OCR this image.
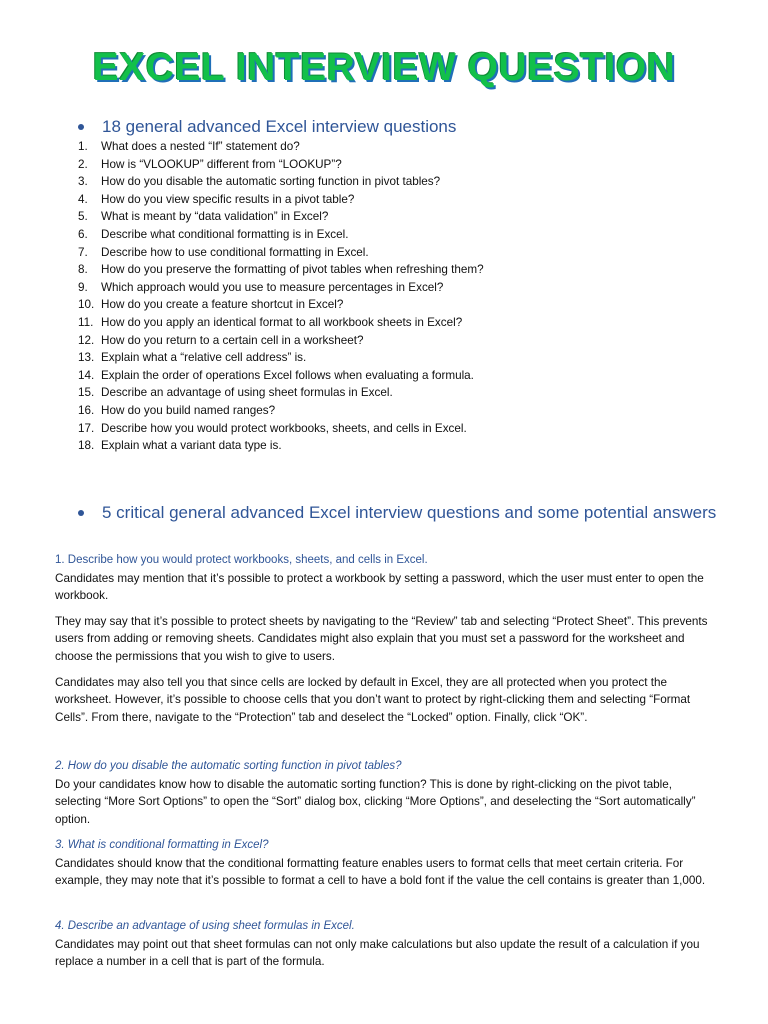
EXCEL INTERVIEW QUESTION
18 general advanced Excel interview questions
1.	What does a nested “If” statement do?
2.	How is “VLOOKUP” different from “LOOKUP”?
3.	How do you disable the automatic sorting function in pivot tables?
4.	How do you view specific results in a pivot table?
5.	What is meant by “data validation” in Excel?
6.	Describe what conditional formatting is in Excel.
7.	Describe how to use conditional formatting in Excel.
8.	How do you preserve the formatting of pivot tables when refreshing them?
9.	Which approach would you use to measure percentages in Excel?
10. How do you create a feature shortcut in Excel?
11. How do you apply an identical format to all workbook sheets in Excel?
12. How do you return to a certain cell in a worksheet?
13. Explain what a “relative cell address” is.
14. Explain the order of operations Excel follows when evaluating a formula.
15. Describe an advantage of using sheet formulas in Excel.
16. How do you build named ranges?
17. Describe how you would protect workbooks, sheets, and cells in Excel.
18. Explain what a variant data type is.
5 critical general advanced Excel interview questions and some potential answers
1. Describe how you would protect workbooks, sheets, and cells in Excel.

Candidates may mention that it’s possible to protect a workbook by setting a password, which the user must enter to open the workbook.

They may say that it’s possible to protect sheets by navigating to the “Review” tab and selecting “Protect Sheet”. This prevents users from adding or removing sheets. Candidates might also explain that you must set a password for the worksheet and choose the permissions that you wish to give to users.

Candidates may also tell you that since cells are locked by default in Excel, they are all protected when you protect the worksheet. However, it’s possible to choose cells that you don’t want to protect by right-clicking them and selecting “Format Cells”. From there, navigate to the “Protection” tab and deselect the “Locked” option. Finally, click “OK”.

2. How do you disable the automatic sorting function in pivot tables?

Do your candidates know how to disable the automatic sorting function? This is done by right-clicking on the pivot table, selecting “More Sort Options” to open the “Sort” dialog box, clicking “More Options”, and deselecting the “Sort automatically” option.

3. What is conditional formatting in Excel?

Candidates should know that the conditional formatting feature enables users to format cells that meet certain criteria. For example, they may note that it’s possible to format a cell to have a bold font if the value the cell contains is greater than 1,000.

4. Describe an advantage of using sheet formulas in Excel.

Candidates may point out that sheet formulas can not only make calculations but also update the result of a calculation if you replace a number in a cell that is part of the formula.
